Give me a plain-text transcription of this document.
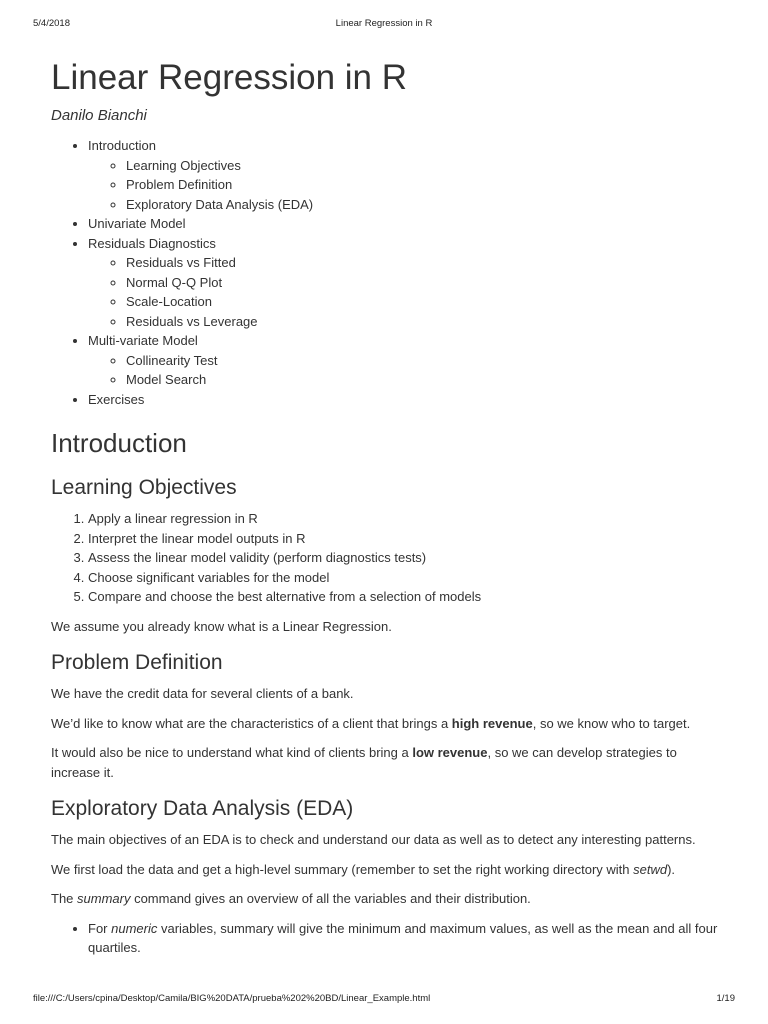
5/4/2018	Linear Regression in R
Linear Regression in R
Danilo Bianchi
• Introduction
◦ Learning Objectives
◦ Problem Definition
◦ Exploratory Data Analysis (EDA)
• Univariate Model
• Residuals Diagnostics
◦ Residuals vs Fitted
◦ Normal Q-Q Plot
◦ Scale-Location
◦ Residuals vs Leverage
• Multi-variate Model
◦ Collinearity Test
◦ Model Search
• Exercises
Introduction
Learning Objectives
1. Apply a linear regression in R
2. Interpret the linear model outputs in R
3. Assess the linear model validity (perform diagnostics tests)
4. Choose significant variables for the model
5. Compare and choose the best alternative from a selection of models

We assume you already know what is a Linear Regression.

Problem Definition

We have the credit data for several clients of a bank.

We’d like to know what are the characteristics of a client that brings a high revenue, so we know who to target.

It would also be nice to understand what kind of clients bring a low revenue, so we can develop strategies to increase it.

Exploratory Data Analysis (EDA)

The main objectives of an EDA is to check and understand our data as well as to detect any interesting patterns.

We first load the data and get a high-level summary (remember to set the right working directory with setwd).

The summary command gives an overview of all the variables and their distribution.

• For numeric variables, summary will give the minimum and maximum values, as well as the mean and all four quartiles.
file:///C:/Users/cpina/Desktop/Camila/BIG%20DATA/prueba%202%20BD/Linear_Example.html	1/19
